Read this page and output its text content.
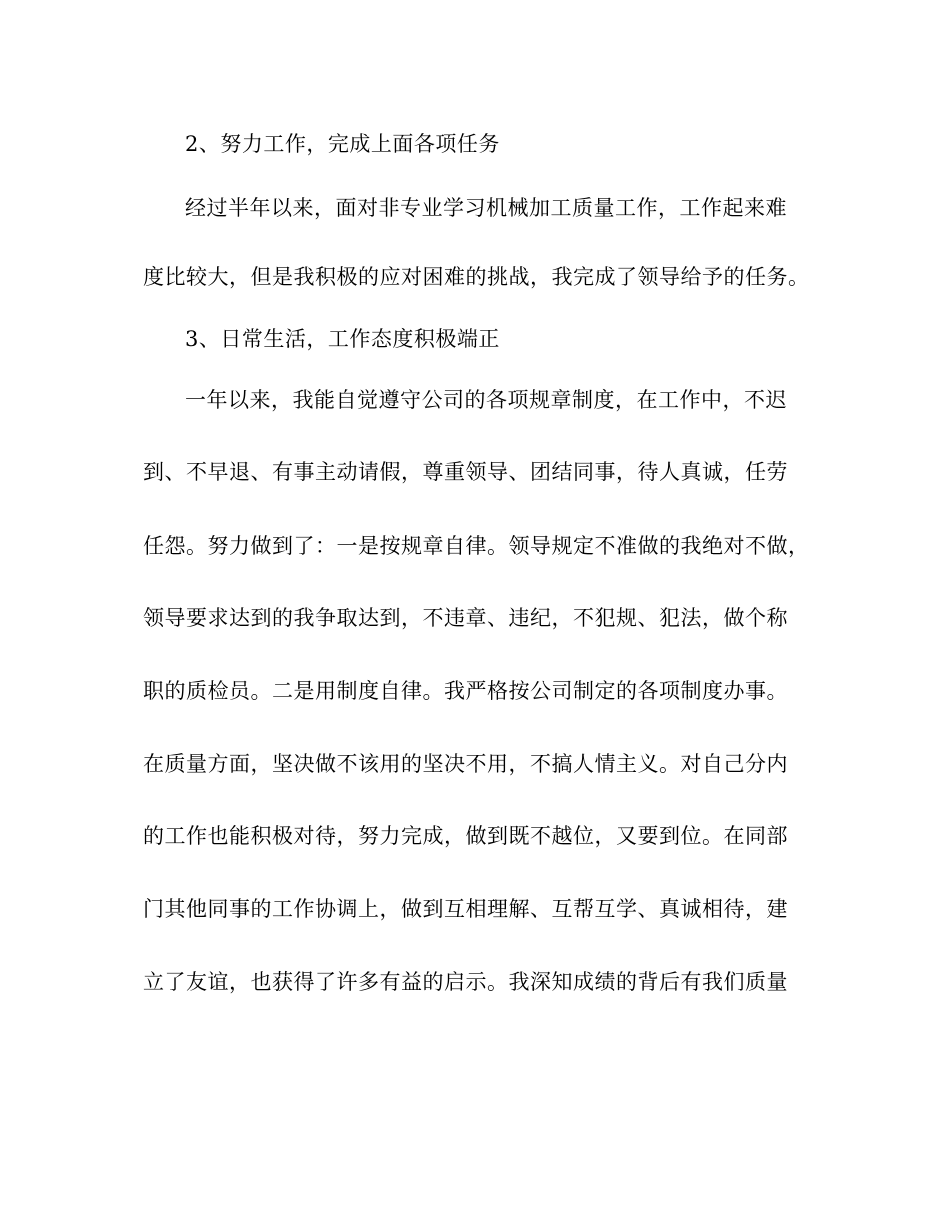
2、努力工作，完成上面各项任务
经过半年以来，面对非专业学习机械加工质量工作，工作起来难
度比较大，但是我积极的应对困难的挑战，我完成了领导给予的任务。
3、日常生活，工作态度积极端正
一年以来，我能自觉遵守公司的各项规章制度，在工作中，不迟
到、不早退、有事主动请假，尊重领导、团结同事，待人真诚，任劳
任怨。努力做到了：一是按规章自律。领导规定不准做的我绝对不做，
领导要求达到的我争取达到，不违章、违纪，不犯规、犯法，做个称
职的质检员。二是用制度自律。我严格按公司制定的各项制度办事。
在质量方面，坚决做不该用的坚决不用，不搞人情主义。对自己分内
的工作也能积极对待，努力完成，做到既不越位，又要到位。在同部
门其他同事的工作协调上，做到互相理解、互帮互学、真诚相待，建
立了友谊，也获得了许多有益的启示。我深知成绩的背后有我们质量
